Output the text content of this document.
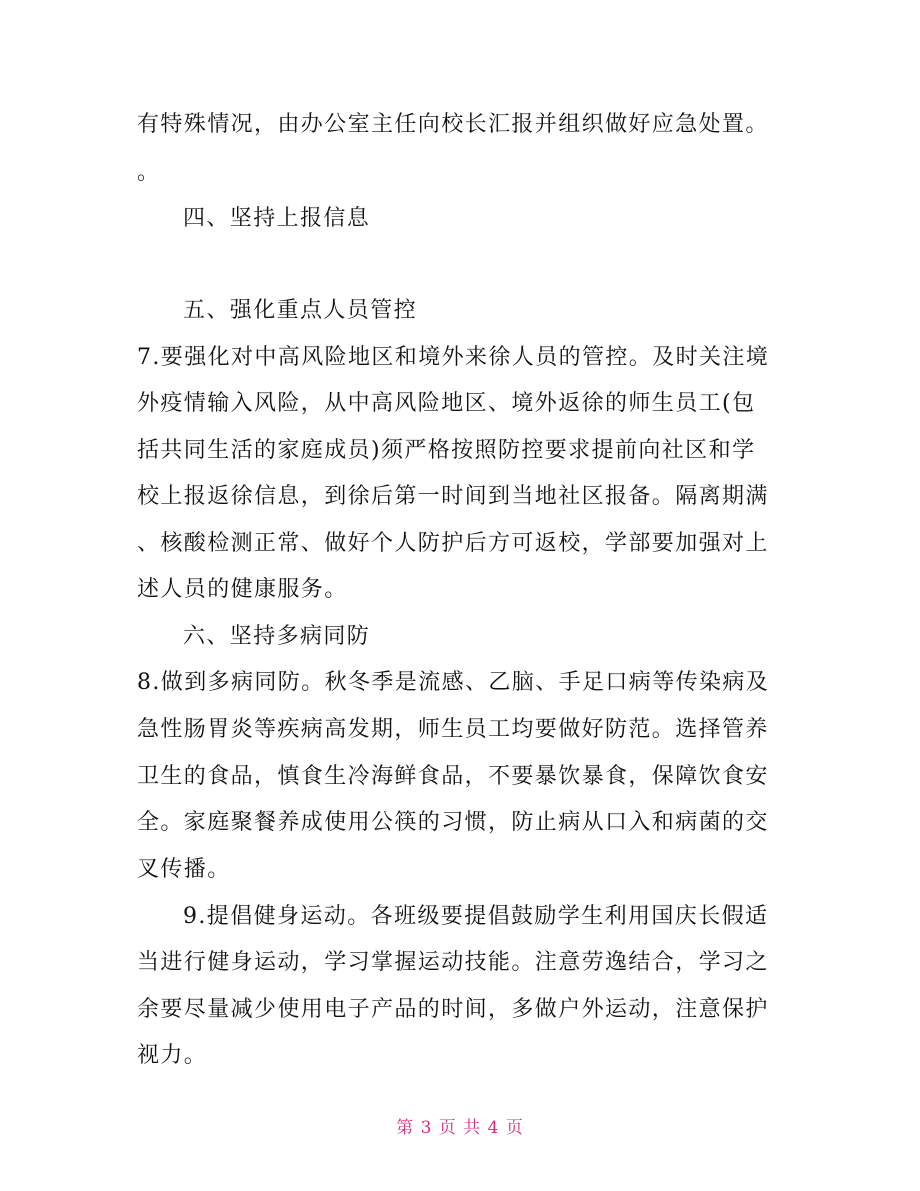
有特殊情况，由办公室主任向校长汇报并组织做好应急处置。
。
四、坚持上报信息
五、强化重点人员管控
7.要强化对中高风险地区和境外来徐人员的管控。及时关注境
外疫情输入风险，从中高风险地区、境外返徐的师生员工(包
括共同生活的家庭成员)须严格按照防控要求提前向社区和学
校上报返徐信息，到徐后第一时间到当地社区报备。隔离期满
、核酸检测正常、做好个人防护后方可返校，学部要加强对上
述人员的健康服务。
六、坚持多病同防
8.做到多病同防。秋冬季是流感、乙脑、手足口病等传染病及
急性肠胃炎等疾病高发期，师生员工均要做好防范。选择管养
卫生的食品，慎食生冷海鲜食品，不要暴饮暴食，保障饮食安
全。家庭聚餐养成使用公筷的习惯，防止病从口入和病菌的交
叉传播。
9.提倡健身运动。各班级要提倡鼓励学生利用国庆长假适
当进行健身运动，学习掌握运动技能。注意劳逸结合，学习之
余要尽量减少使用电子产品的时间，多做户外运动，注意保护
视力。
第 3 页 共 4 页
